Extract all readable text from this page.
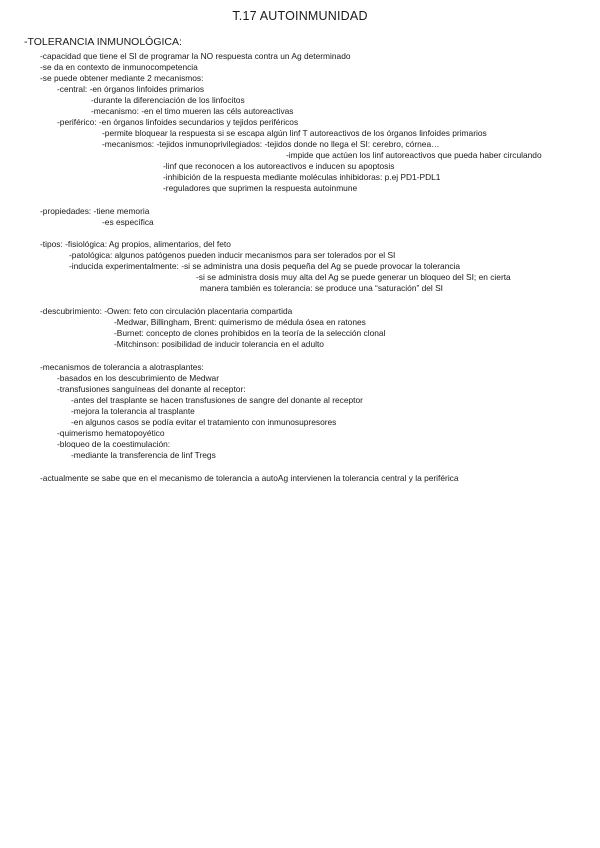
T.17 AUTOINMUNIDAD
-TOLERANCIA INMUNOLÓGICA:
-capacidad que tiene el SI de programar la NO respuesta contra un Ag determinado
-se da en contexto de inmunocompetencia
-se puede obtener mediante 2 mecanismos:
-central: -en órganos linfoides primarios
-durante la diferenciación de los linfocitos
-mecanismo: -en el timo mueren las céls autoreactivas
-periférico: -en órganos linfoides secundarios y tejidos periféricos
-permite bloquear la respuesta si se escapa algún linf T autoreactivos de los órganos linfoides primarios
-mecanismos: -tejidos inmunoprivilegiados: -tejidos donde no llega el SI: cerebro, córnea…
-impide que actúen los linf autoreactivos que pueda haber circulando
-linf que reconocen a los autoreactivos e inducen su apoptosis
-inhibición de la respuesta mediante moléculas inhibidoras: p.ej PD1-PDL1
-reguladores que suprimen la respuesta autoinmune
-propiedades: -tiene memoria
-es específica
-tipos: -fisiológica: Ag propios, alimentarios, del feto
-patológica: algunos patógenos pueden inducir mecanismos para ser tolerados por el SI
-inducida experimentalmente: -si se administra una dosis pequeña del Ag se puede provocar la tolerancia
-si se administra dosis muy alta del Ag se puede generar un bloqueo del SI; en cierta
manera también es tolerancia: se produce una “saturación” del SI
-descubrimiento: -Owen: feto con circulación placentaria compartida
-Medwar, Billingham, Brent: quimerismo de médula ósea en ratones
-Burnet: concepto de clones prohibidos en la teoría de la selección clonal
-Mitchinson: posibilidad de inducir tolerancia en el adulto
-mecanismos de tolerancia a alotrasplantes:
-basados en los descubrimiento de Medwar
-transfusiones sanguíneas del donante al receptor:
-antes del trasplante se hacen transfusiones de sangre del donante al receptor
-mejora la tolerancia al trasplante
-en algunos casos se podía evitar el tratamiento con inmunosupresores
-quimerismo hematopoyético
-bloqueo de la coestimulación:
-mediante la transferencia de linf Tregs
-actualmente se sabe que en el mecanismo de tolerancia a autoAg intervienen la tolerancia central y la periférica
